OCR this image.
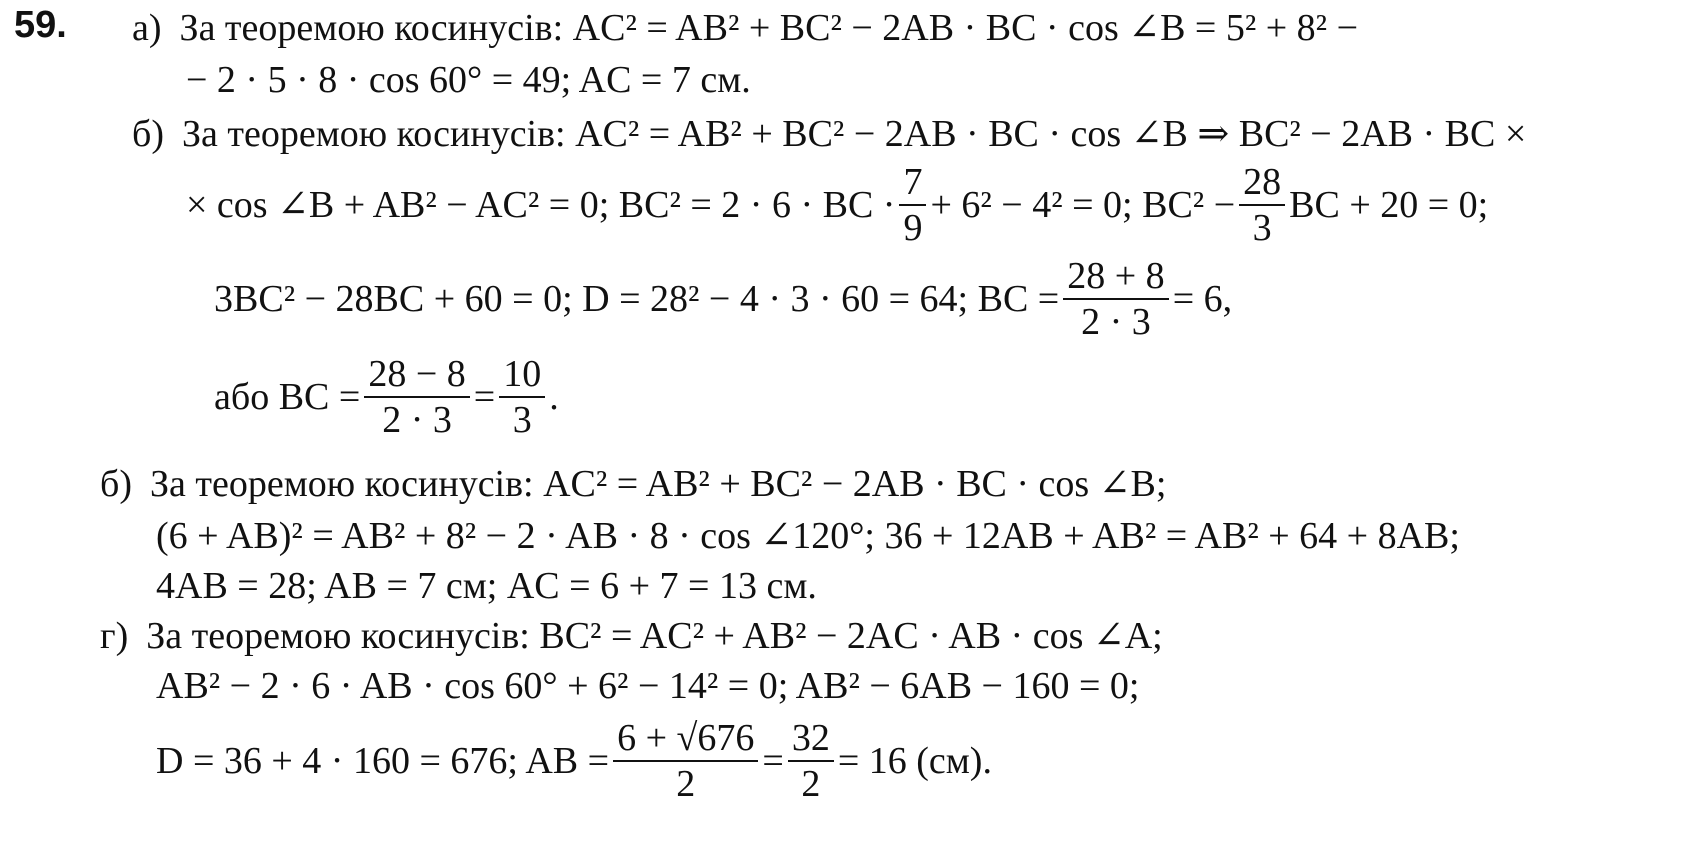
59. а) За теоремою косинусів: AC² = AB² + BC² − 2AB · BC · cos ∠B = 5² + 8² −
− 2 · 5 · 8 · cos 60° = 49; AC = 7 см.
б) За теоремою косинусів: AC² = AB² + BC² − 2AB · BC · cos ∠B ⇒ BC² − 2AB · BC ×
× cos ∠B + AB² − AC² = 0; BC² = 2 · 6 · BC · $\frac{7}{9} + 6^2 - 4^2 = 0$; $BC^2 - \frac{28}{3}$ BC + 20 = 0;
3BC² − 28BC + 60 = 0; D = 28² − 4 · 3 · 60 = 64; BC = $\frac{28 + 8}{2 \cdot 3} = 6$,
або BC = $\frac{28 - 8}{2 \cdot 3} = \frac{10}{3}$ .
б) За теоремою косинусів: AC² = AB² + BC² − 2AB · BC · cos ∠B;
(6 + AB)² = AB² + 8² − 2 · AB · 8 · cos ∠120°; 36 + 12AB + AB² = AB² + 64 + 8AB;
4AB = 28; AB = 7 см; AC = 6 + 7 = 13 см.
г) За теоремою косинусів: BC² = AC² + AB² − 2AC · AB · cos ∠A;
AB² − 2 · 6 · AB · cos 60° + 6² − 14² = 0; AB² − 6AB − 160 = 0;
D = 36 + 4 · 160 = 676; AB = $\frac{6 + √676}{2} = \frac{32}{2} = 16$ (см).
